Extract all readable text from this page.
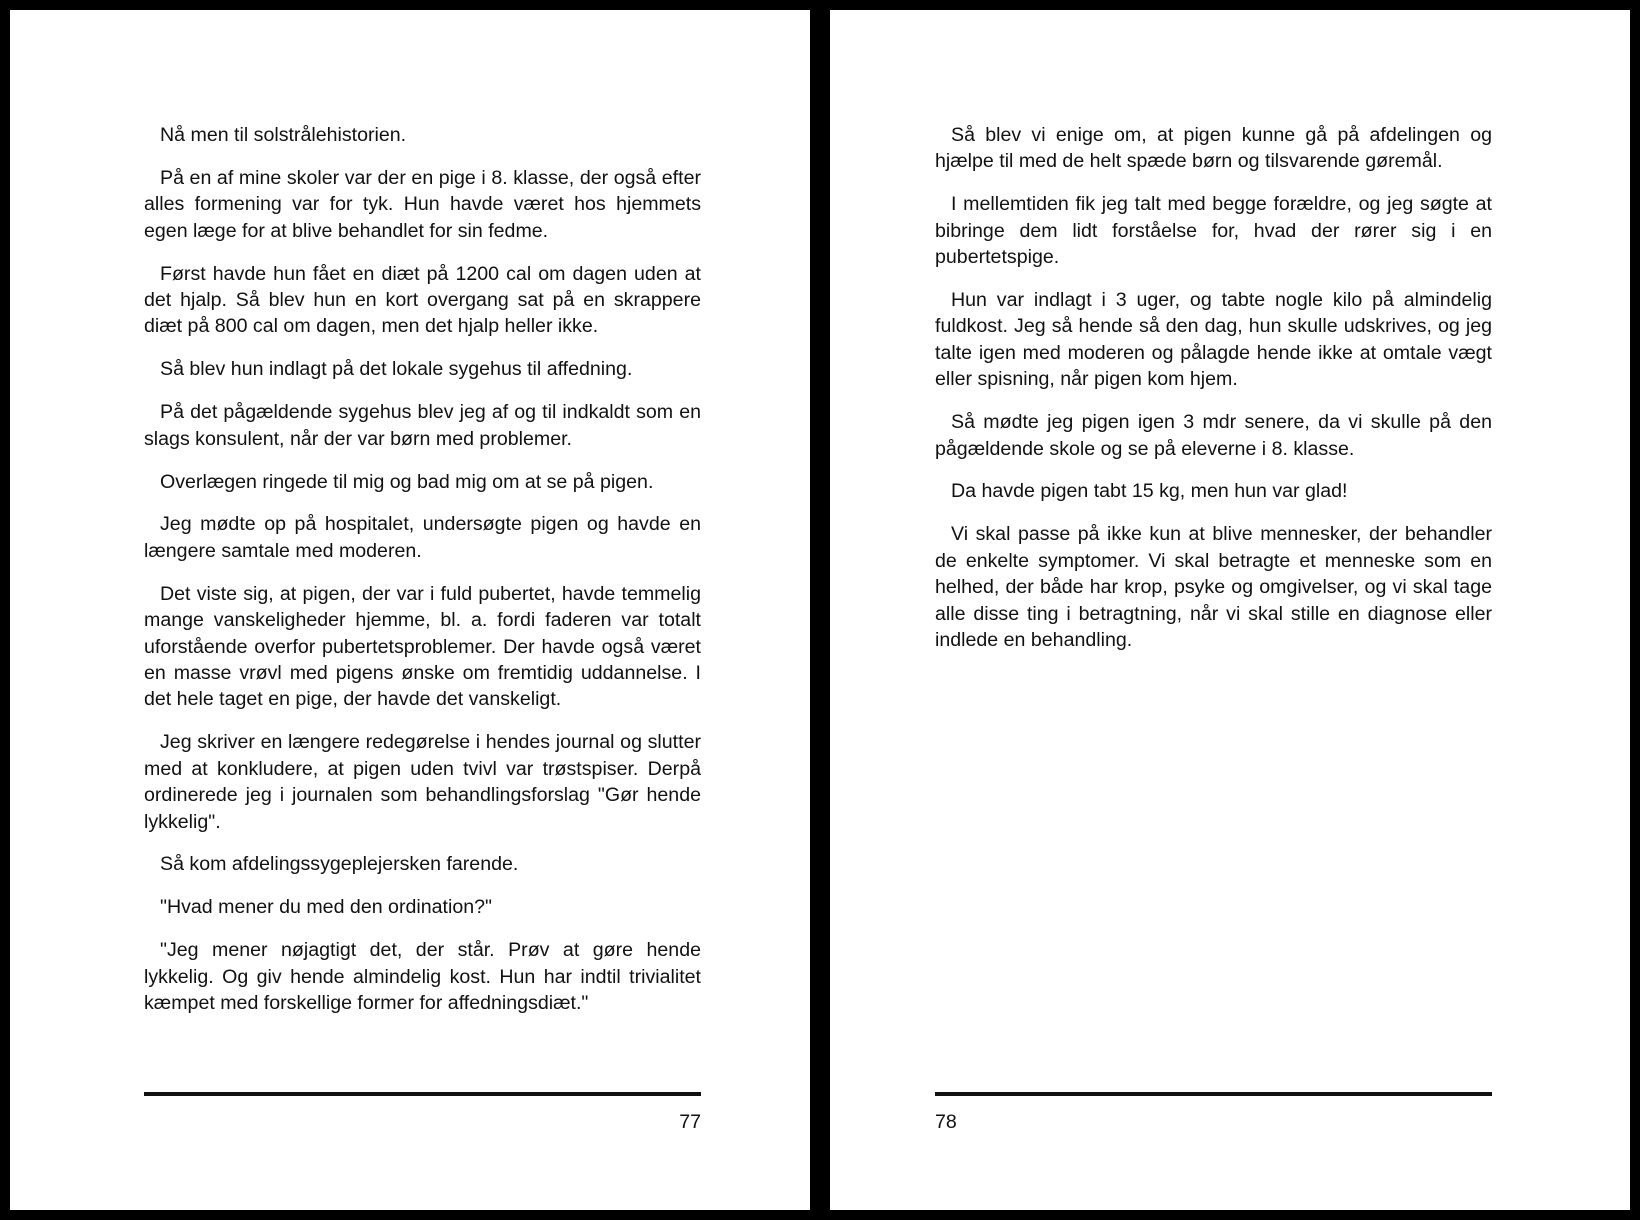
Nå men til solstrålehistorien.

På en af mine skoler var der en pige i 8. klasse, der også efter alles formening var for tyk. Hun havde været hos hjemmets egen læge for at blive behandlet for sin fedme.

Først havde hun fået en diæt på 1200 cal om dagen uden at det hjalp. Så blev hun en kort overgang sat på en skrappere diæt på 800 cal om dagen, men det hjalp heller ikke.

Så blev hun indlagt på det lokale sygehus til affedning.

På det pågældende sygehus blev jeg af og til indkaldt som en slags konsulent, når der var børn med problemer.

Overlægen ringede til mig og bad mig om at se på pigen.

Jeg mødte op på hospitalet, undersøgte pigen og havde en længere samtale med moderen.

Det viste sig, at pigen, der var i fuld pubertet, havde temmelig mange vanskeligheder hjemme, bl. a. fordi faderen var totalt uforstående overfor pubertetsproblemer. Der havde også været en masse vrøvl med pigens ønske om fremtidig uddannelse. I det hele taget en pige, der havde det vanskeligt.

Jeg skriver en længere redegørelse i hendes journal og slutter med at konkludere, at pigen uden tvivl var trøstspiser. Derpå ordinerede jeg i journalen som behandlingsforslag "Gør hende lykkelig".

Så kom afdelingssygeplejersken farende.

"Hvad mener du med den ordination?"

"Jeg mener nøjagtigt det, der står. Prøv at gøre hende lykkelig. Og giv hende almindelig kost. Hun har indtil trivialitet kæmpet med forskellige former for affedningsdiæt."

77

Så blev vi enige om, at pigen kunne gå på afdelingen og hjælpe til med de helt spæde børn og tilsvarende gøremål.

I mellemtiden fik jeg talt med begge forældre, og jeg søgte at bibringe dem lidt forståelse for, hvad der rører sig i en pubertetspige.

Hun var indlagt i 3 uger, og tabte nogle kilo på almindelig fuldkost. Jeg så hende så den dag, hun skulle udskrives, og jeg talte igen med moderen og pålagde hende ikke at omtale vægt eller spisning, når pigen kom hjem.

Så mødte jeg pigen igen 3 mdr senere, da vi skulle på den pågældende skole og se på eleverne i 8. klasse.

Da havde pigen tabt 15 kg, men hun var glad!

Vi skal passe på ikke kun at blive mennesker, der behandler de enkelte symptomer. Vi skal betragte et menneske som en helhed, der både har krop, psyke og omgivelser, og vi skal tage alle disse ting i betragtning, når vi skal stille en diagnose eller indlede en behandling.

78
